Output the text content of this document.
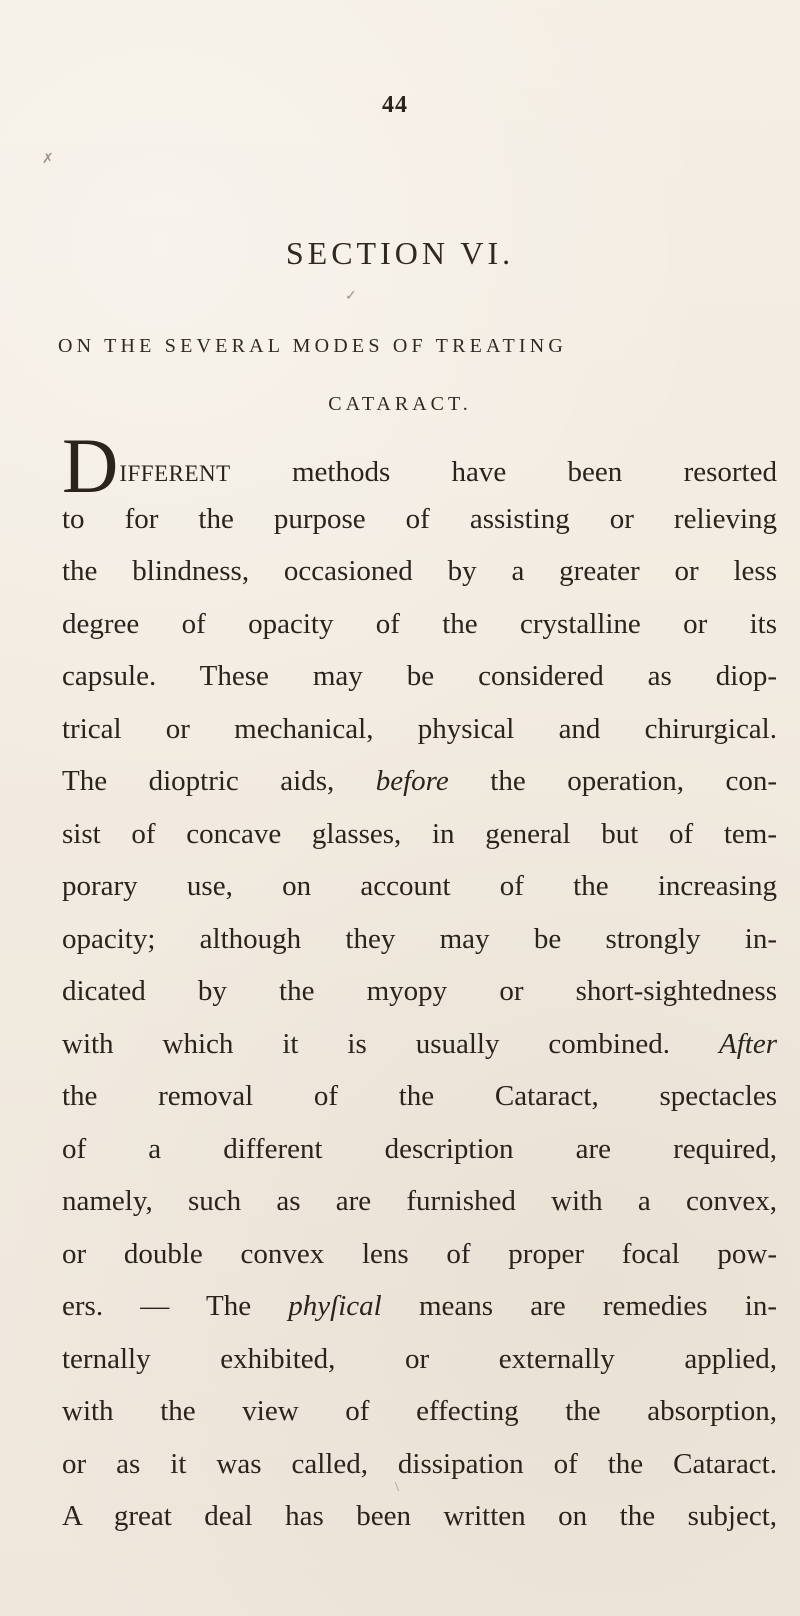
44
✗
✓
\
SECTION VI.
ON THE SEVERAL MODES OF TREATING
CATARACT.
DIFFERENT methods have been resorted
to for the purpose of assisting or relieving
the blindness, occasioned by a greater or less
degree of opacity of the crystalline or its
capsule. These may be considered as diop-
trical or mechanical, physical and chirurgical.
The dioptric aids, before the operation, con-
sist of concave glasses, in general but of tem-
porary use, on account of the increasing
opacity; although they may be strongly in-
dicated by the myopy or short-sightedness
with which it is usually combined. After
the removal of the Cataract, spectacles
of a different description are required,
namely, such as are furnished with a convex,
or double convex lens of proper focal pow-
ers. — The phyſical means are remedies in-
ternally exhibited, or externally applied,
with the view of effecting the absorption,
or as it was called, dissipation of the Cataract.
A great deal has been written on the subject,
